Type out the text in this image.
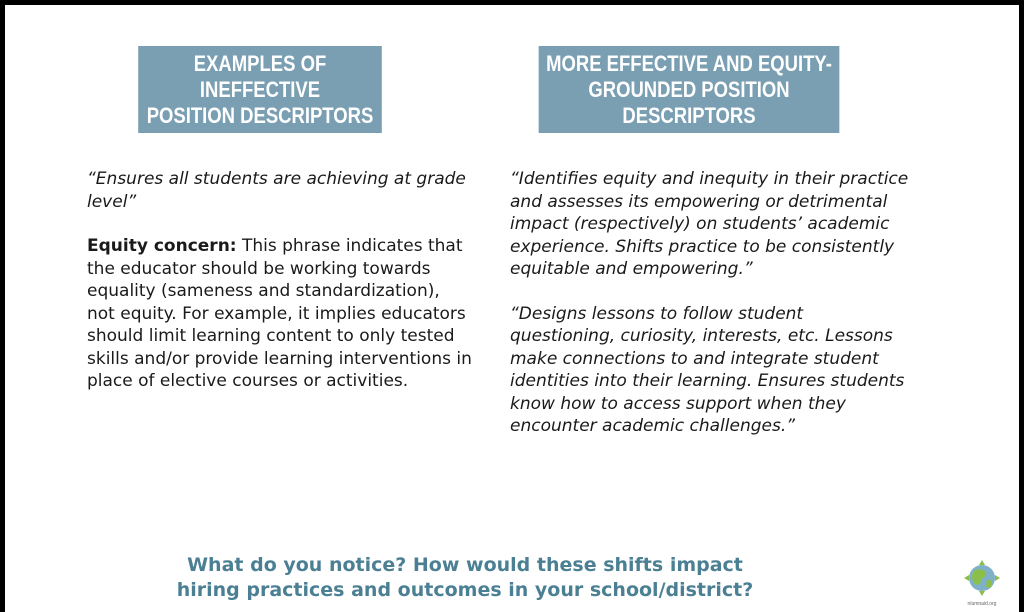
EXAMPLES OF INEFFECTIVE
POSITION DESCRIPTORS
MORE EFFECTIVE AND EQUITY-
GROUNDED POSITION DESCRIPTORS

“Ensures all students are achieving at grade level”

Equity concern: This phrase indicates that the educator should be working towards equality (sameness and standardization), not equity. For example, it implies educators should limit learning content to only tested skills and/or provide learning interventions in place of elective courses or activities.

“Identifies equity and inequity in their practice and assesses its empowering or detrimental impact (respectively) on students’ academic experience. Shifts practice to be consistently equitable and empowering.”

“Designs lessons to follow student questioning, curiosity, interests, etc. Lessons make connections to and integrate student identities into their learning. Ensures students know how to access support when they encounter academic challenges.”

What do you notice? How would these shifts impact
hiring practices and outcomes in your school/district?
nlumnaid.org
